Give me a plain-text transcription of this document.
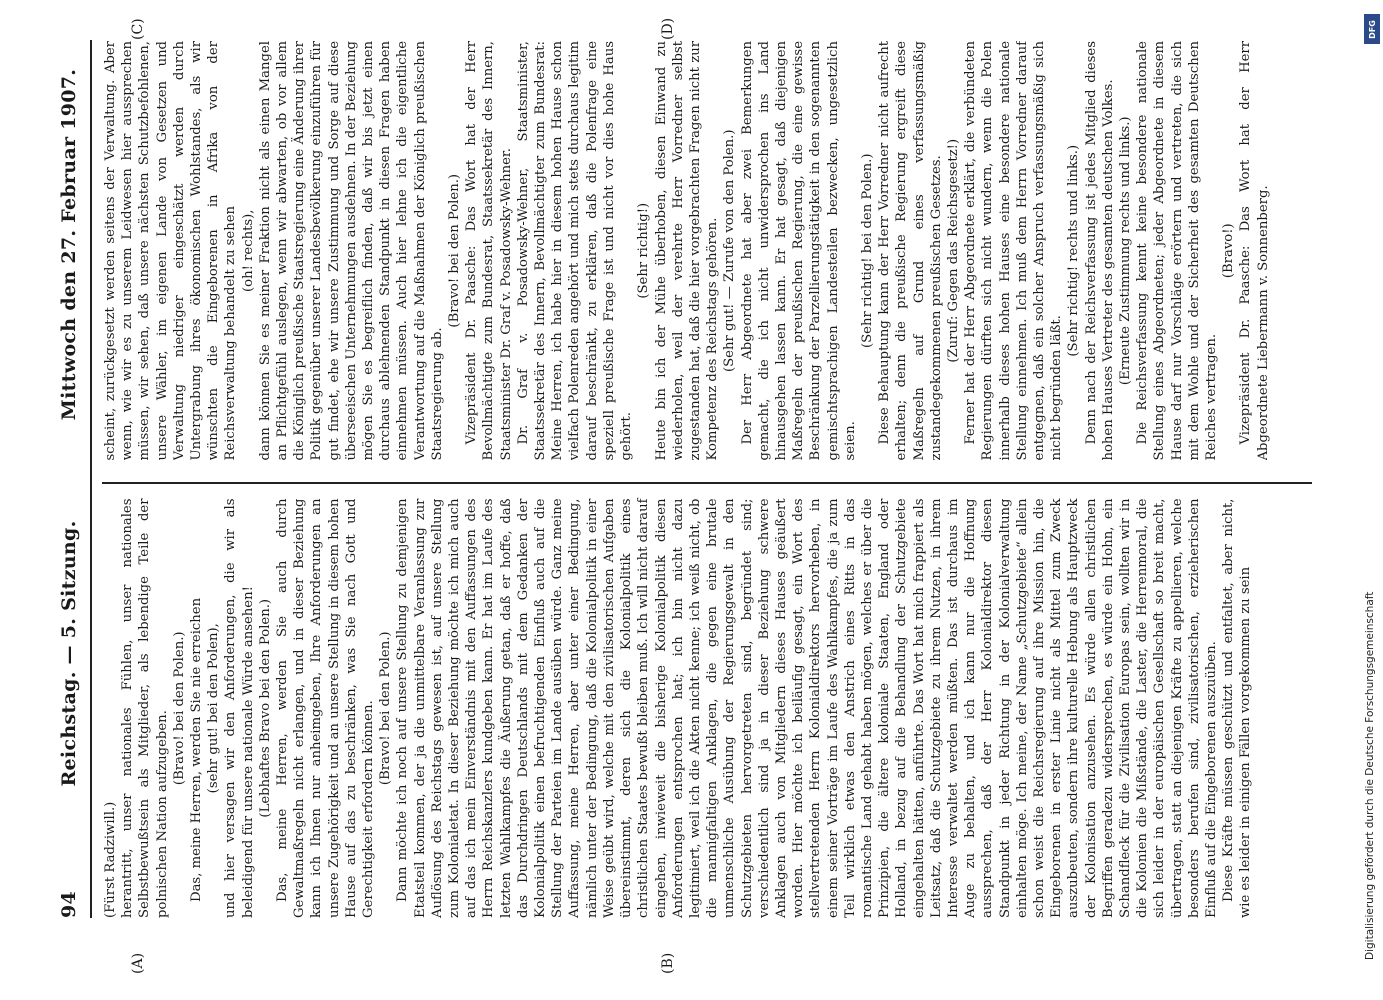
94
Reichstag. — 5. Sitzung.
Mittwoch den 27. Februar 1907.

(Fürst Radziwill.) herantritt, unser nationales Fühlen, unser nationales Selbstbewußtsein als Mitglieder, als lebendige Teile der polnischen Nation aufzugeben.

(Bravo! bei den Polen.) Das, meine Herren, werden Sie nie erreichen (sehr gut! bei den Polen), und hier versagen wir den Anforderungen, die wir als beleidigend für unsere nationale Würde ansehen! (Lebhaftes Bravo bei den Polen.) Das, meine Herren, werden Sie auch durch Gewaltmaßregeln nicht erlangen, und in dieser Beziehung kann ich Ihnen nur anheimgeben, Ihre Anforderungen an unsere Zugehörigkeit und an unsere Stellung in diesem hohen Hause auf das zu beschränken, was Sie nach Gott und Gerechtigkeit erfordern können. (Bravo! bei den Polen.) Dann möchte ich noch auf unsere Stellung zu demjenigen Etatsteil kommen, der ja die unmittelbare Veranlassung zur Auflösung des Reichstags gewesen ist, auf unsere Stellung zum Kolonialetat. In dieser Beziehung möchte ich mich auch auf das ich mein Einverständnis mit den Auffassungen des Herrn Reichskanzlers kundgeben kann. Er hat im Laufe des letzten Wahlkampfes die Äußerung getan, daß er hoffe, daß das Durchdringen Deutschlands mit dem Gedanken der Kolonialpolitik einen befruchtigenden Einfluß auch auf die Stellung der Parteien im Lande ausüben würde. Ganz meine Auffassung, meine Herren, aber unter einer Bedingung, nämlich unter der Bedingung, daß die Kolonialpolitik in einer Weise geübt wird, welche mit den zivilisatorischen Aufgaben übereinstimmt, deren sich die Kolonialpolitik eines christlichen Staates bewußt bleiben muß. Ich will nicht darauf eingehen, inwieweit die bisherige Kolonialpolitik diesen Anforderungen entsprochen hat; ich bin nicht dazu legitimiert, weil ich die Akten nicht kenne; ich weiß nicht, ob die mannigfaltigen Anklagen, die gegen eine brutale unmenschliche Ausübung der Regierungsgewalt in den Schutzgebieten hervorgetreten sind, begründet sind; verschiedentlich sind ja in dieser Beziehung schwere Anklagen auch von Mitgliedern dieses Hauses geäußert worden. Hier möchte ich beiläufig gesagt, ein Wort des stellvertretenden Herrn Kolonialdirektors hervorheben, in einem seiner Vorträge im Laufe des Wahlkampfes, die ja zum Teil wirklich etwas den Anstrich eines Ritts in das romantische Land gehabt haben mögen, welches er über die Prinzipien, die ältere koloniale Staaten, England oder Holland, in bezug auf die Behandlung der Schutzgebiete eingehalten hätten, anführte. Das Wort hat mich frappiert als Leitsatz, daß die Schutzgebiete zu ihrem Nutzen, in ihrem Interesse verwaltet werden müßten. Das ist durchaus im Auge zu behalten, und ich kann nur die Hoffnung aussprechen, daß der Herr Kolonialdirektor diesen Standpunkt in jeder Richtung in der Kolonialverwaltung einhalten möge. Ich meine, der Name „Schutzgebiete“ allein schon weist die Reichsregierung auf ihre Mission hin, die Eingeborenen in erster Linie nicht als Mittel zum Zweck auszubeuten, sondern ihre kulturelle Hebung als Hauptzweck der Kolonisation anzusehen. Es würde allen christlichen Begriffen geradezu widersprechen, es würde ein Hohn, ein Schandfleck für die Zivilisation Europas sein, wollten wir in die Kolonien die Mißstände, die Laster, die Herrenmoral, die sich leider in der europäischen Gesellschaft so breit macht, übertragen, statt an diejenigen Kräfte zu appellieren, welche besonders berufen sind, zivilisatorischen, erzieherischen Einfluß auf die Eingeborenen auszuüben. Diese Kräfte müssen geschützt und entfaltet, aber nicht, wie es leider in einigen Fällen vorgekommen zu sein

scheint, zurückgesetzt werden seitens der Verwaltung. Aber wenn, wie wir es zu unserem Leidwesen hier aussprechen müssen, wir sehen, daß unsere nächsten Schutzbefohlenen, unsere Wähler, im eigenen Lande von Gesetzen und Verwaltung niedriger eingeschätzt werden durch Untergrabung ihres ökonomischen Wohlstandes, als wir wünschten die Eingeborenen in Afrika von der Reichsverwaltung behandelt zu sehen (oh! rechts), dann können Sie es meiner Fraktion nicht als einen Mangel an Pflichtgefühl auslegen, wenn wir abwarten, ob vor allem die Königlich preußische Staatsregierung eine Änderung ihrer Politik gegenüber unserer Landesbevölkerung einzuführen für gut findet, ehe wir unsere Zustimmung und Sorge auf diese überseeischen Unternehmungen ausdehnen. In der Beziehung mögen Sie es begreiflich finden, daß wir bis jetzt einen durchaus ablehnenden Standpunkt in diesen Fragen haben einnehmen müssen. Auch hier lehne ich die eigentliche Verantwortung auf die Maßnahmen der Königlich preußischen Staatsregierung ab.

(Bravo! bei den Polen.) Vizepräsident Dr. Paasche: Das Wort hat der Herr Bevollmächtigte zum Bundesrat, Staatssekretär des Innern, Staatsminister Dr. Graf v. Posadowsky-Wehner. Dr. Graf v. Posadowsky-Wehner, Staatsminister, Staatssekretär des Innern, Bevollmächtigter zum Bundesrat: Meine Herren, ich habe hier in diesem hohen Hause schon vielfach Polenreden angehört und mich stets durchaus legitim darauf beschränkt, zu erklären, daß die Polenfrage eine speziell preußische Frage ist und nicht vor dies hohe Haus gehört.

(Sehr richtig!) Heute bin ich der Mühe überhoben, diesen Einwand zu wiederholen, weil der verehrte Herr Vorredner selbst zugestanden hat, daß die hier vorgebrachten Fragen nicht zur Kompetenz des Reichstags gehören. (Sehr gut! — Zurufe von den Polen.) Der Herr Abgeordnete hat aber zwei Bemerkungen gemacht, die ich nicht unwidersprochen ins Land hinausgehen lassen kann. Er hat gesagt, daß diejenigen Maßregeln der preußischen Regierung, die eine gewisse Beschränkung der Parzellierungstätigkeit in den sogenannten gemischtsprachigen Landesteilen bezwecken, ungesetzlich seien.

(Sehr richtig! bei den Polen.) Diese Behauptung kann der Herr Vorredner nicht aufrecht erhalten; denn die preußische Regierung ergreift diese Maßregeln auf Grund eines verfassungsmäßig zustandegekommenen preußischen Gesetzes. (Zuruf: Gegen das Reichsgesetz!) Ferner hat der Herr Abgeordnete erklärt, die verbündeten Regierungen dürften sich nicht wundern, wenn die Polen innerhalb dieses hohen Hauses eine besondere nationale Stellung einnehmen. Ich muß dem Herrn Vorredner darauf entgegnen, daß ein solcher Anspruch verfassungsmäßig sich nicht begründen läßt.

(Sehr richtig! rechts und links.) Denn nach der Reichsverfassung ist jedes Mitglied dieses hohen Hauses Vertreter des gesamten deutschen Volkes. (Erneute Zustimmung rechts und links.) Die Reichsverfassung kennt keine besondere nationale Stellung eines Abgeordneten; jeder Abgeordnete in diesem Hause darf nur Vorschläge erörtern und vertreten, die sich mit dem Wohle und der Sicherheit des gesamten Deutschen Reiches vertragen.

(Bravo!) Vizepräsident Dr. Paasche: Das Wort hat der Herr Abgeordnete Liebermann v. Sonnenberg.

(A)	(B)
(C)	(D)	DFG
Digitalisierung gefördert durch die Deutsche Forschungsgemeinschaft
